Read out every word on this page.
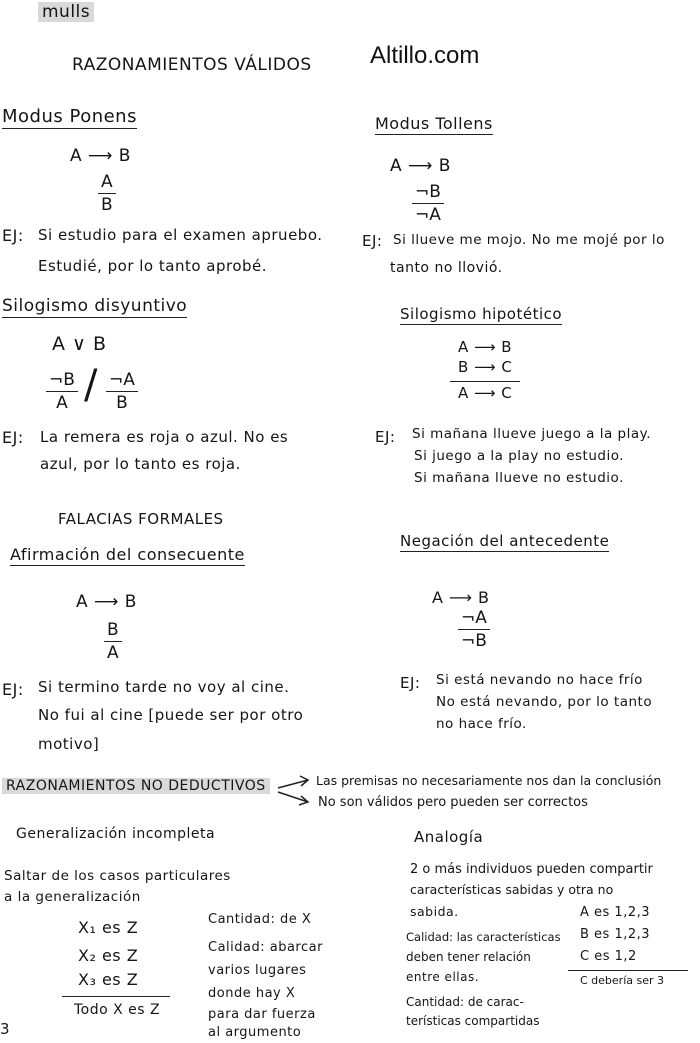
mulls
RAZONAMIENTOS VÁLIDOS Altillo.com
Modus Ponens
A ⟶ B
$\frac{A}{B}$
EJ: Si estudio para el examen apruebo.
Estudié, por lo tanto aprobé.
Modus Tollens
A ⟶ B
$\frac{\neg B}{\neg A}$
EJ: Si llueve me mojo. No me mojé por lo
tanto no llovió.
Silogismo disyuntivo
A ∨ B
$\frac{\neg B}{A} / \frac{\neg A}{B}$
EJ: La remera es roja o azul. No es
azul, por lo tanto es roja.
Silogismo hipotético
A ⟶ B
B ⟶ C
A ⟶ C
EJ: Si mañana llueve juego a la play.
Si juego a la play no estudio.
Si mañana llueve no estudio.
FALACIAS FORMALES
Afirmación del consecuente
A ⟶ B
$\frac{B}{A}$
EJ: Si termino tarde no voy al cine.
No fui al cine [puede ser por otro
motivo]
Negación del antecedente
A ⟶ B
$\frac{\neg A}{\neg B}$
EJ: Si está nevando no hace frío
No está nevando, por lo tanto
no hace frío.
RAZONAMIENTOS NO DEDUCTIVOS	Las premisas no necesariamente nos dan la conclusión
No son válidos pero pueden ser correctos
Generalización incompleta
Saltar de los casos particulares
a la generalización
X₁ es Z
X₂ es Z
X₃ es Z
Todo X es Z
Cantidad: de X
Calidad: abarcar
varios lugares
donde hay X
para dar fuerza
al argumento
Analogía
2 o más individuos pueden compartir
características sabidas y otra no
sabida.
Calidad: las características
deben tener relación
entre ellas.
Cantidad: de carac-
terísticas compartidas
A es 1,2,3
B es 1,2,3
C es 1,2
C debería ser 3
3
